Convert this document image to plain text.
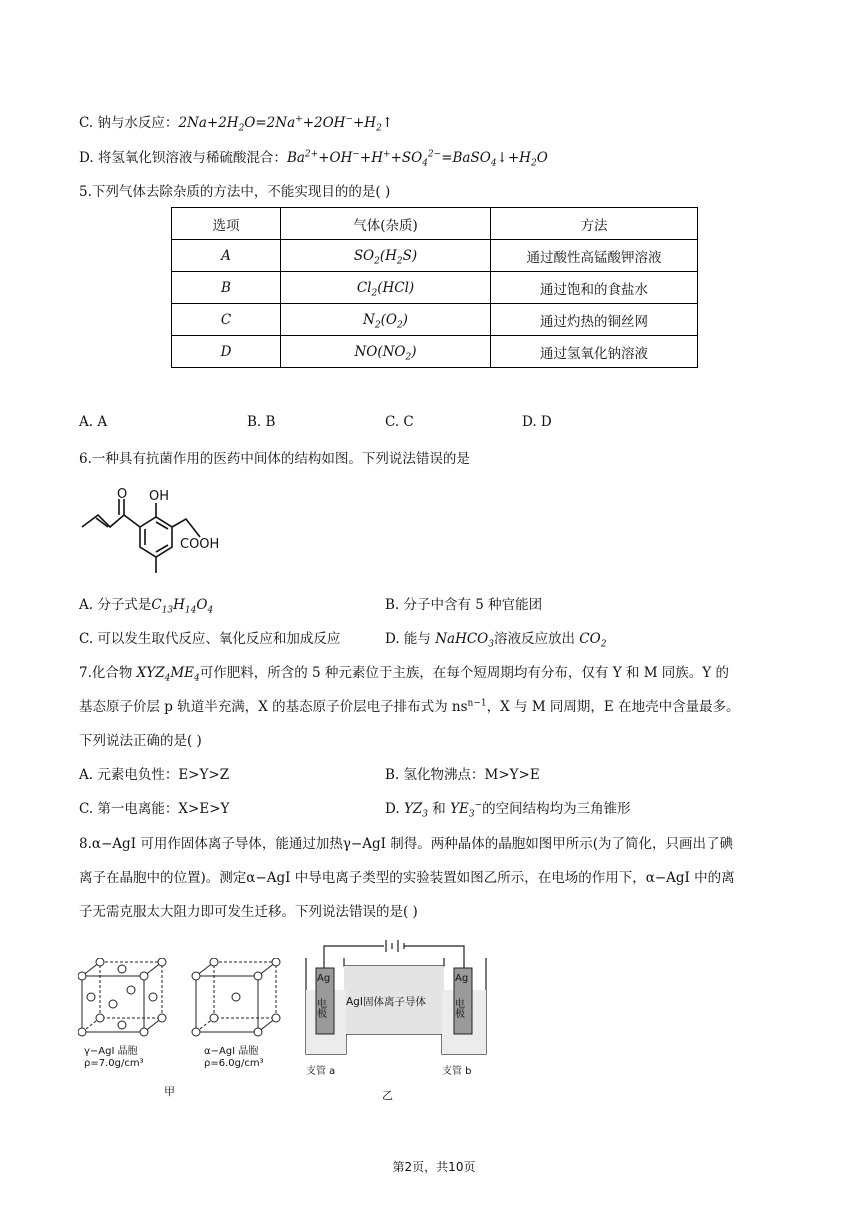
C. 钠与水反应：$2Na+2H_2O=2Na^++2OH^-+H_2↑$
D. 将氢氧化钡溶液与稀硫酸混合：$Ba^{2+}+OH^-+H^++SO_4^{2-}=BaSO_4↓+H_2O$
5.下列气体去除杂质的方法中，不能实现目的的是( )
选项	气体(杂质)	方法
A	$SO_2(H_2S)$	通过酸性高锰酸钾溶液
B	$Cl_2(HCl)$	通过饱和的食盐水
C	$N_2(O_2)$	通过灼热的铜丝网
D	$NO(NO_2)$	通过氢氧化钠溶液
A. A	B. B	C. C	D. D
6.一种具有抗菌作用的医药中间体的结构如图。下列说法错误的是
O OH
COOH
A. 分子式是$C_{13}H_{14}O_4$	B. 分子中含有 5 种官能团
C. 可以发生取代反应、氧化反应和加成反应	D. 能与 NaHCO$_3$溶液反应放出 $CO_2$
7.化合物 $XYZ_4ME_4$可作肥料，所含的 5 种元素位于主族，在每个短周期均有分布，仅有 Y 和 M 同族。Y 的
基态原子价层 p 轨道半充满，X 的基态原子价层电子排布式为 $ns^{n-1}$，X 与 M 同周期，E 在地壳中含量最多。
下列说法正确的是( )
A. 元素电负性：E>Y>Z	B. 氢化物沸点：M>Y>E
C. 第一电离能：X>E>Y	D. $YZ_3$ 和 $YE_3^-$的空间结构均为三角锥形
8.α−AgI 可用作固体离子导体，能通过加热γ−AgI 制得。两种晶体的晶胞如图甲所示(为了简化，只画出了碘
离子在晶胞中的位置)。测定α−AgI 中导电离子类型的实验装置如图乙所示，在电场的作用下，α−AgI 中的离
子无需克服太大阻力即可发生迁移。下列说法错误的是( )
γ−AgI 晶胞
ρ=7.0g/cm³
α−AgI 晶胞
ρ=6.0g/cm³
甲
Ag	Ag
电极	电极
AgI固体离子导体
支管 a	支管 b
乙
第2页，共10页
